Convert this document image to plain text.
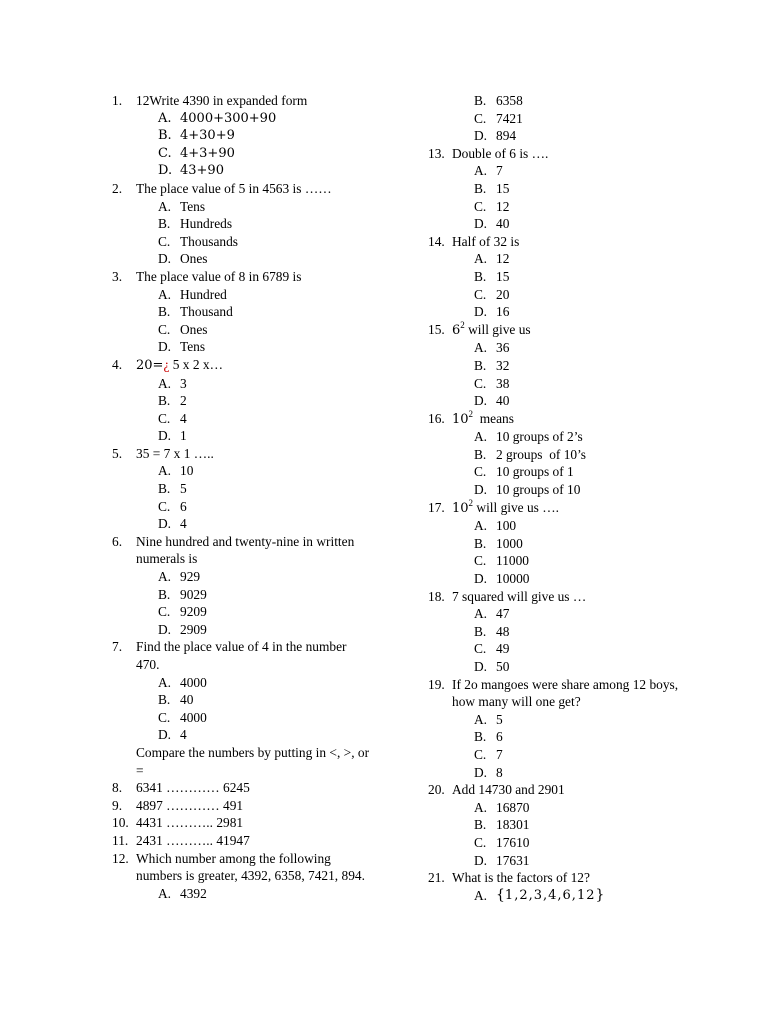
1.	12Write 4390 in expanded form
A. 4000+300+90
B. 4+30+9
C. 4+3+90
D. 43+90
2.	The place value of 5 in 4563 is ……
A. Tens
B. Hundreds
C. Thousands
D. Ones
3.	The place value of 8 in 6789 is
A. Hundred
B. Thousand
C. Ones
D. Tens
4.	20=¿ 5 x 2 x…
A. 3
B. 2
C. 4
D. 1
5.	35 = 7 x 1 …..
A. 10
B. 5
C. 6
D. 4
6.	Nine hundred and twenty-nine in written numerals is
A. 929
B. 9029
C. 9209
D. 2909
7.	Find the place value of 4 in the number 470.
A. 4000
B. 40
C. 4000
D. 4
Compare the numbers by putting in <, >, or =
8.	6341 ………… 6245
9.	4897 ………… 491
10. 4431 ……….. 2981
11. 2431 ……….. 41947
12. Which number among the following numbers is greater, 4392, 6358, 7421, 894.
A. 4392
B. 6358
C. 7421
D. 894
13. Double of 6 is ….
A. 7
B. 15
C. 12
D. 40
14. Half of 32 is
A. 12
B. 15
C. 20
D. 16
15. $6^2$ will give us
A. 36
B. 32
C. 38
D. 40
16. $10^2$  means
A. 10 groups of 2’s
B. 2 groups  of 10’s
C. 10 groups of 1
D. 10 groups of 10
17. $10^2$ will give us ….
A. 100
B. 1000
C. 11000
D. 10000
18. 7 squared will give us …
A. 47
B. 48
C. 49
D. 50
19. If 2o mangoes were share among 12 boys, how many will one get?
A. 5
B. 6
C. 7
D. 8
20. Add 14730 and 2901
A. 16870
B. 18301
C. 17610
D. 17631
21. What is the factors of 12?
A. { 1,2,3,4,6,12 }
